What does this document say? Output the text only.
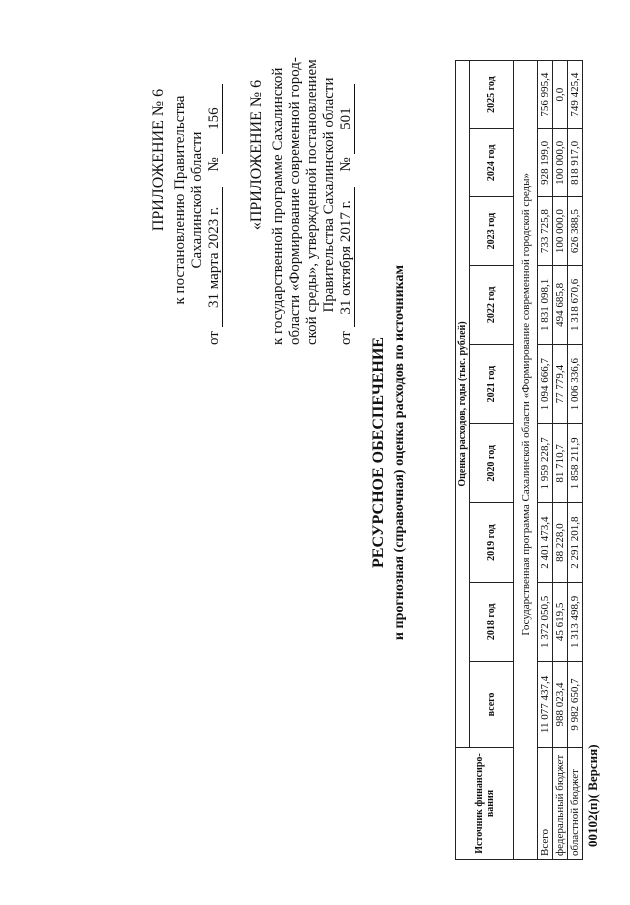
ПРИЛОЖЕНИЕ № 6 к постановлению Правительства Сахалинской области
от 31 марта 2023 г. № 156 «ПРИЛОЖЕНИЕ № 6 к государственной программе Сахалинской области «Формирование современной город- ской среды», утвержденной постановлением Правительства Сахалинской области
от 31 октября 2017 г. № 501
РЕСУРСНОЕ ОБЕСПЕЧЕНИЕ и прогнозная (справочная) оценка расходов по источникам
Источник финансиро-вания	Оценка расходов, годы (тыс. рублей)								
	всего	2018 год	2019 год	2020 год	2021 год	2022 год	2023 год	2024 год	2025 год
	Государственная программа Сахалинской области «Формирование современной городской среды»								
Всего	11 077 437,4	1 372 050,5	2 401 473,4	1 959 228,7	1 094 666,7	1 831 098,1	733 725,8	928 199,0	756 995,4
федеральный бюджет	988 023,4	45 619,5	88 228,0	81 710,7	77 779,4	494 685,8	100 000,0	100 000,0	0,0
областной бюджет	9 982 650,7	1 313 498,9	2 291 201,8	1 858 211,9	1 006 336,6	1 318 670,6	626 388,5	818 917,0	749 425,4
00102(п)( Версия)
